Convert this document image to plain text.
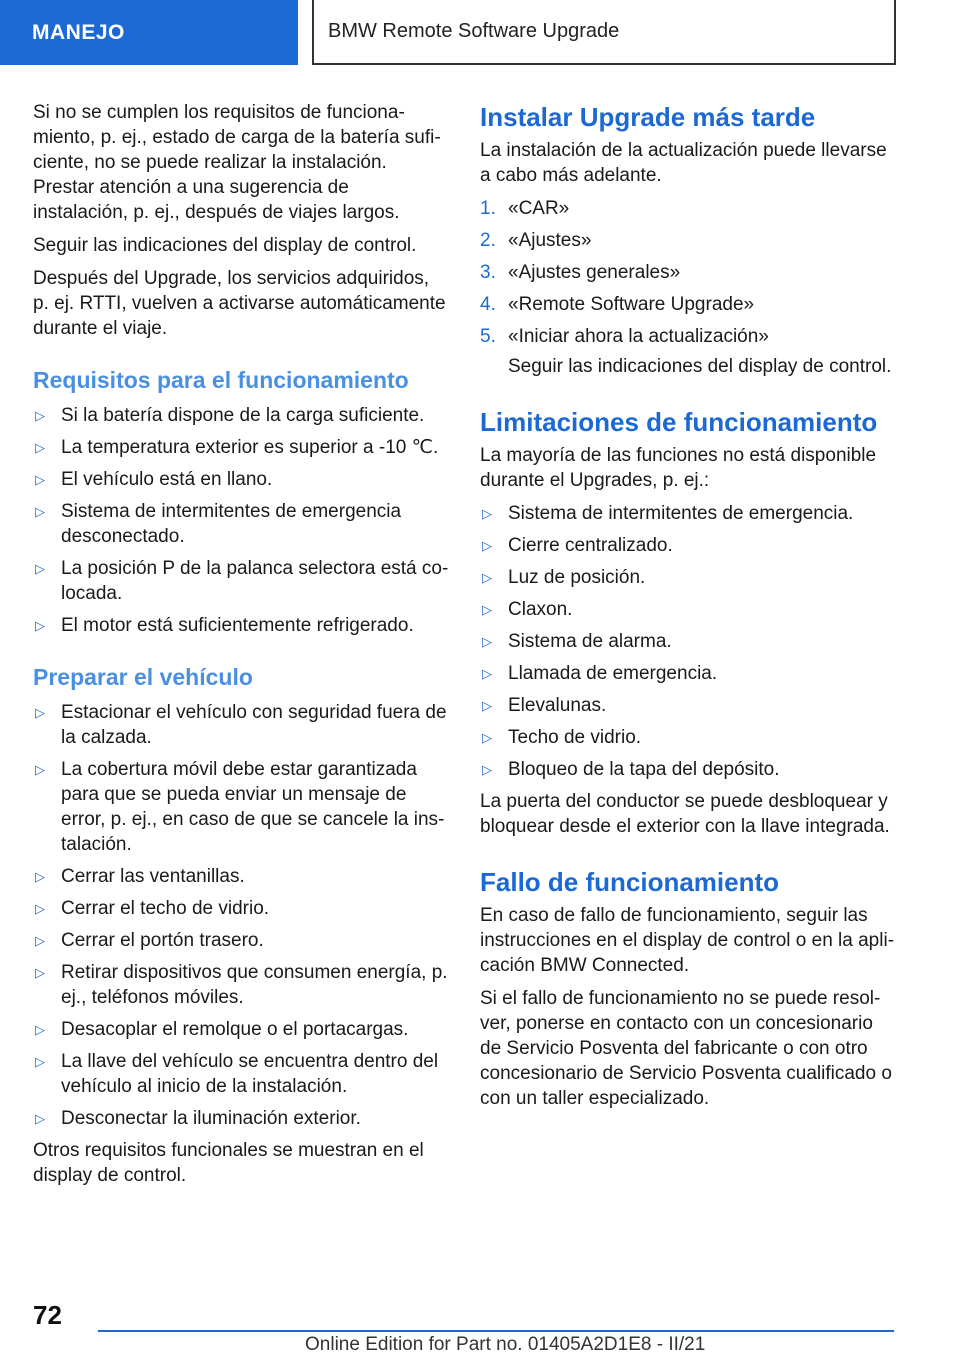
MANEJO	BMW Remote Software Upgrade

Si no se cumplen los requisitos de funcionamiento, p. ej., estado de carga de la batería suficiente, no se puede realizar la instalación. Prestar atención a una sugerencia de instalación, p. ej., después de viajes largos.

Seguir las indicaciones del display de control.

Después del Upgrade, los servicios adquiridos, p. ej. RTTI, vuelven a activarse automáticamente durante el viaje.

Requisitos para el funcionamiento
▷ Si la batería dispone de la carga suficiente.
▷ La temperatura exterior es superior a -10 ℃.
▷ El vehículo está en llano.
▷ Sistema de intermitentes de emergencia desconectado.
▷ La posición P de la palanca selectora está colocada.
▷ El motor está suficientemente refrigerado.
Preparar el vehículo
▷ Estacionar el vehículo con seguridad fuera de la calzada.
▷ La cobertura móvil debe estar garantizada para que se pueda enviar un mensaje de error, p. ej., en caso de que se cancele la instalación.
▷ Cerrar las ventanillas.
▷ Cerrar el techo de vidrio.
▷ Cerrar el portón trasero.
▷ Retirar dispositivos que consumen energía, p. ej., teléfonos móviles.
▷ Desacoplar el remolque o el portacargas.
▷ La llave del vehículo se encuentra dentro del vehículo al inicio de la instalación.
▷ Desconectar la iluminación exterior.

Otros requisitos funcionales se muestran en el display de control.

Instalar Upgrade más tarde

La instalación de la actualización puede llevarse a cabo más adelante.

1. «CAR»
2. «Ajustes»
3. «Ajustes generales»
4. «Remote Software Upgrade»
5. «Iniciar ahora la actualización»

Seguir las indicaciones del display de control.

Limitaciones de funcionamiento

La mayoría de las funciones no está disponible durante el Upgrades, p. ej.:

▷ Sistema de intermitentes de emergencia.
▷ Cierre centralizado.
▷ Luz de posición.
▷ Claxon.
▷ Sistema de alarma.
▷ Llamada de emergencia.
▷ Elevalunas.
▷ Techo de vidrio.
▷ Bloqueo de la tapa del depósito.

La puerta del conductor se puede desbloquear y bloquear desde el exterior con la llave integrada.

Fallo de funcionamiento

En caso de fallo de funcionamiento, seguir las instrucciones en el display de control o en la aplicación BMW Connected.

Si el fallo de funcionamiento no se puede resolver, ponerse en contacto con un concesionario de Servicio Posventa del fabricante o con otro concesionario de Servicio Posventa cualificado o con un taller especializado.

72
Online Edition for Part no. 01405A2D1E8 - II/21
